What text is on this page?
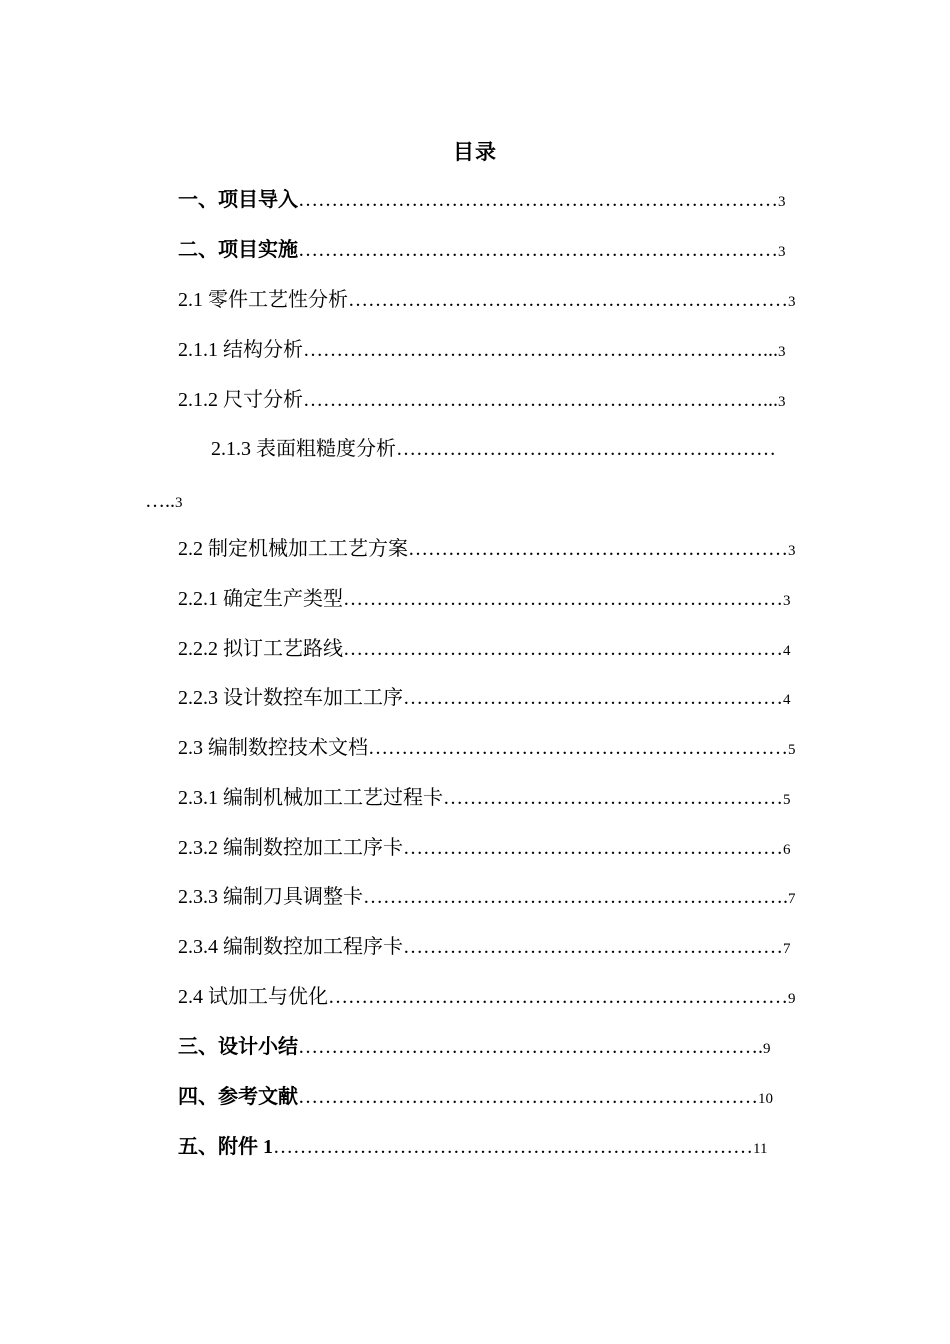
目录
一、项目导入………………………………………………………………3
二、项目实施………………………………………………………………3
2.1 零件工艺性分析…………………………………………………………3
2.1.1 结构分析……………………………………………………………...3
2.1.2 尺寸分析……………………………………………………………...3
2.1.3 表面粗糙度分析…………………………………………………
…..3
2.2 制定机械加工工艺方案…………………………………………………3
2.2.1 确定生产类型…………………………………………………………3
2.2.2 拟订工艺路线…………………………………………………………4
2.2.3 设计数控车加工工序…………………………………………………4
2.3 编制数控技术文档………………………………………………………5
2.3.1 编制机械加工工艺过程卡……………………………………………5
2.3.2 编制数控加工工序卡…………………………………………………6
2.3.3 编制刀具调整卡……………………………………………………….7
2.3.4 编制数控加工程序卡…………………………………………………7
2.4 试加工与优化……………………………………………………………9
三、设计小结…………………………………………………………….9
四、参考文献……………………………………………………………10
五、附件 1………………………………………………………………11
